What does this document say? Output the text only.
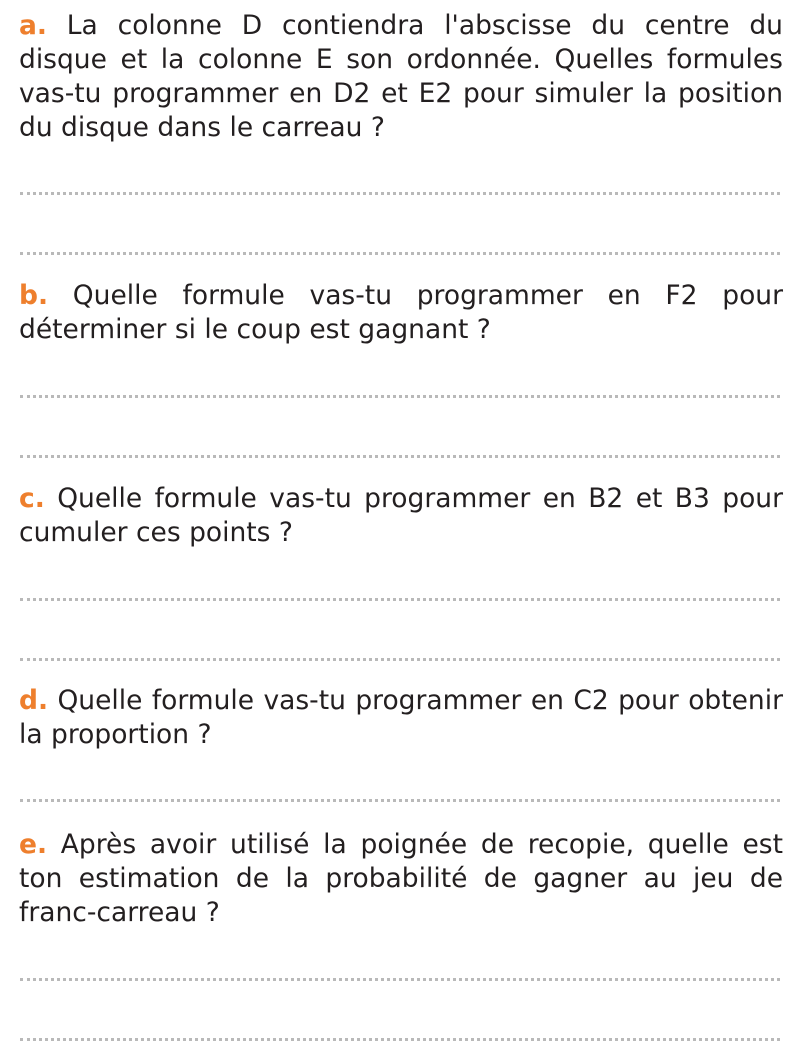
a. La colonne D contiendra l'abscisse du centre du disque et la colonne E son ordonnée. Quelles formules vas-tu programmer en D2 et E2 pour simuler la position du disque dans le carreau ?

b. Quelle formule vas-tu programmer en F2 pour déterminer si le coup est gagnant ?

c. Quelle formule vas-tu programmer en B2 et B3 pour cumuler ces points ?

d. Quelle formule vas-tu programmer en C2 pour obtenir la proportion ?

e. Après avoir utilisé la poignée de recopie, quelle est ton estimation de la probabilité de gagner au jeu de franc-carreau ?
